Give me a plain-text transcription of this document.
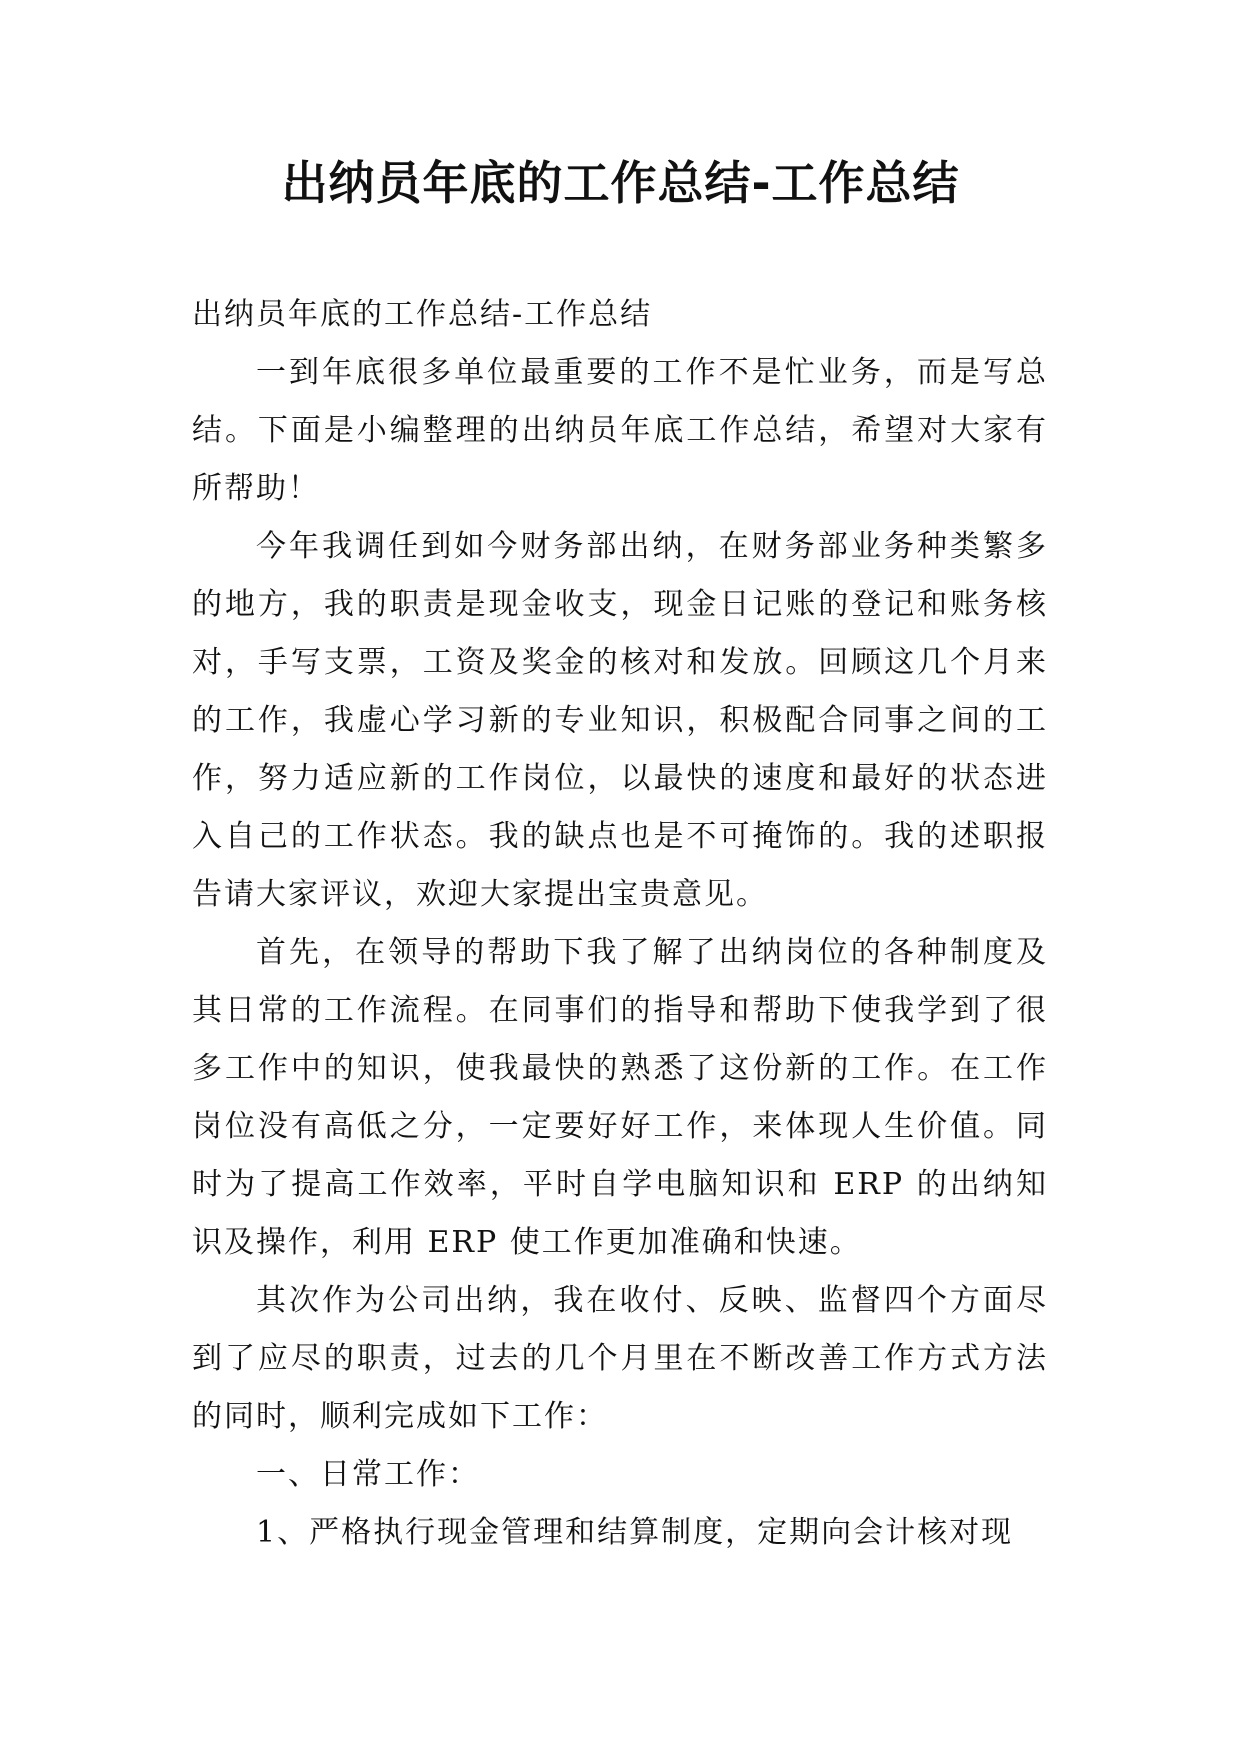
出纳员年底的工作总结-工作总结

出纳员年底的工作总结-工作总结

一到年底很多单位最重要的工作不是忙业务，而是写总结。下面是小编整理的出纳员年底工作总结，希望对大家有所帮助！

今年我调任到如今财务部出纳，在财务部业务种类繁多的地方，我的职责是现金收支，现金日记账的登记和账务核对，手写支票，工资及奖金的核对和发放。回顾这几个月来的工作，我虚心学习新的专业知识，积极配合同事之间的工作，努力适应新的工作岗位，以最快的速度和最好的状态进入自己的工作状态。我的缺点也是不可掩饰的。我的述职报告请大家评议，欢迎大家提出宝贵意见。

首先，在领导的帮助下我了解了出纳岗位的各种制度及其日常的工作流程。在同事们的指导和帮助下使我学到了很多工作中的知识，使我最快的熟悉了这份新的工作。在工作岗位没有高低之分，一定要好好工作，来体现人生价值。同时为了提高工作效率，平时自学电脑知识和 ERP 的出纳知识及操作，利用 ERP 使工作更加准确和快速。

其次作为公司出纳，我在收付、反映、监督四个方面尽到了应尽的职责，过去的几个月里在不断改善工作方式方法的同时，顺利完成如下工作：

一、日常工作：

1、严格执行现金管理和结算制度，定期向会计核对现
